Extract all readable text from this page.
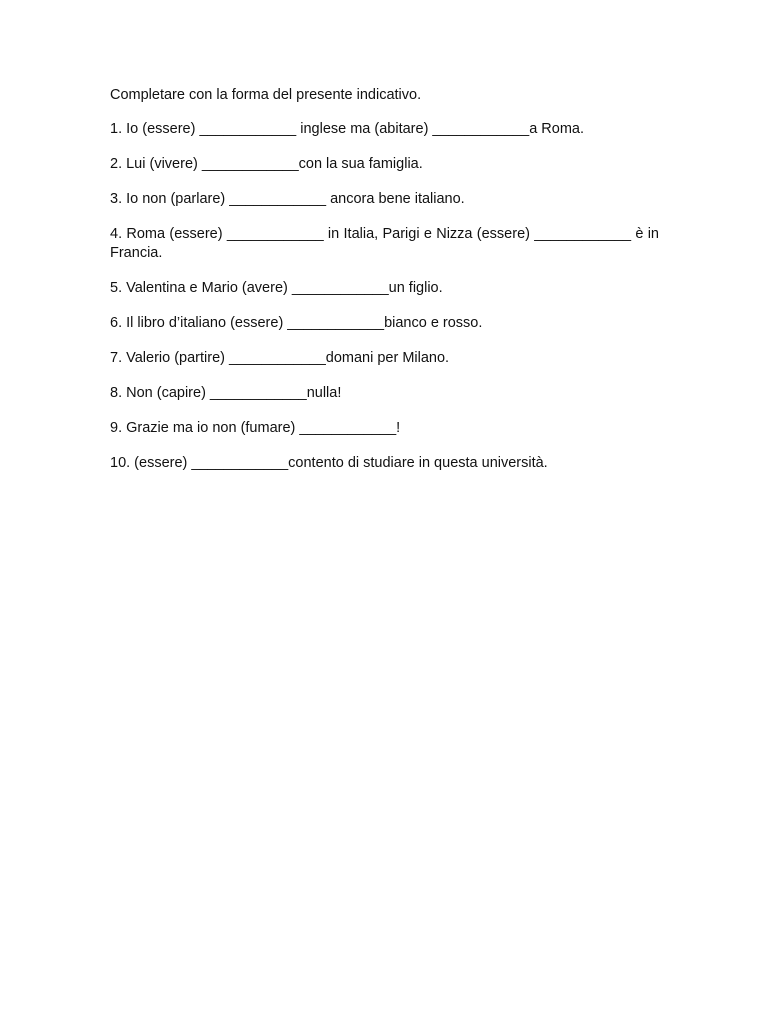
Completare con la forma del presente indicativo.

1. Io (essere) ____________ inglese ma (abitare) ____________a Roma.

2. Lui (vivere) ____________con la sua famiglia.

3. Io non (parlare) ____________ ancora bene italiano.

4. Roma (essere) ____________ in Italia, Parigi e Nizza (essere) ____________ è in Francia.

5. Valentina e Mario (avere) ____________un figlio.

6. Il libro d’italiano (essere) ____________bianco e rosso.

7. Valerio (partire) ____________domani per Milano.

8. Non (capire) ____________nulla!

9. Grazie ma io non (fumare) ____________!

10. (essere) ____________contento di studiare in questa università.
